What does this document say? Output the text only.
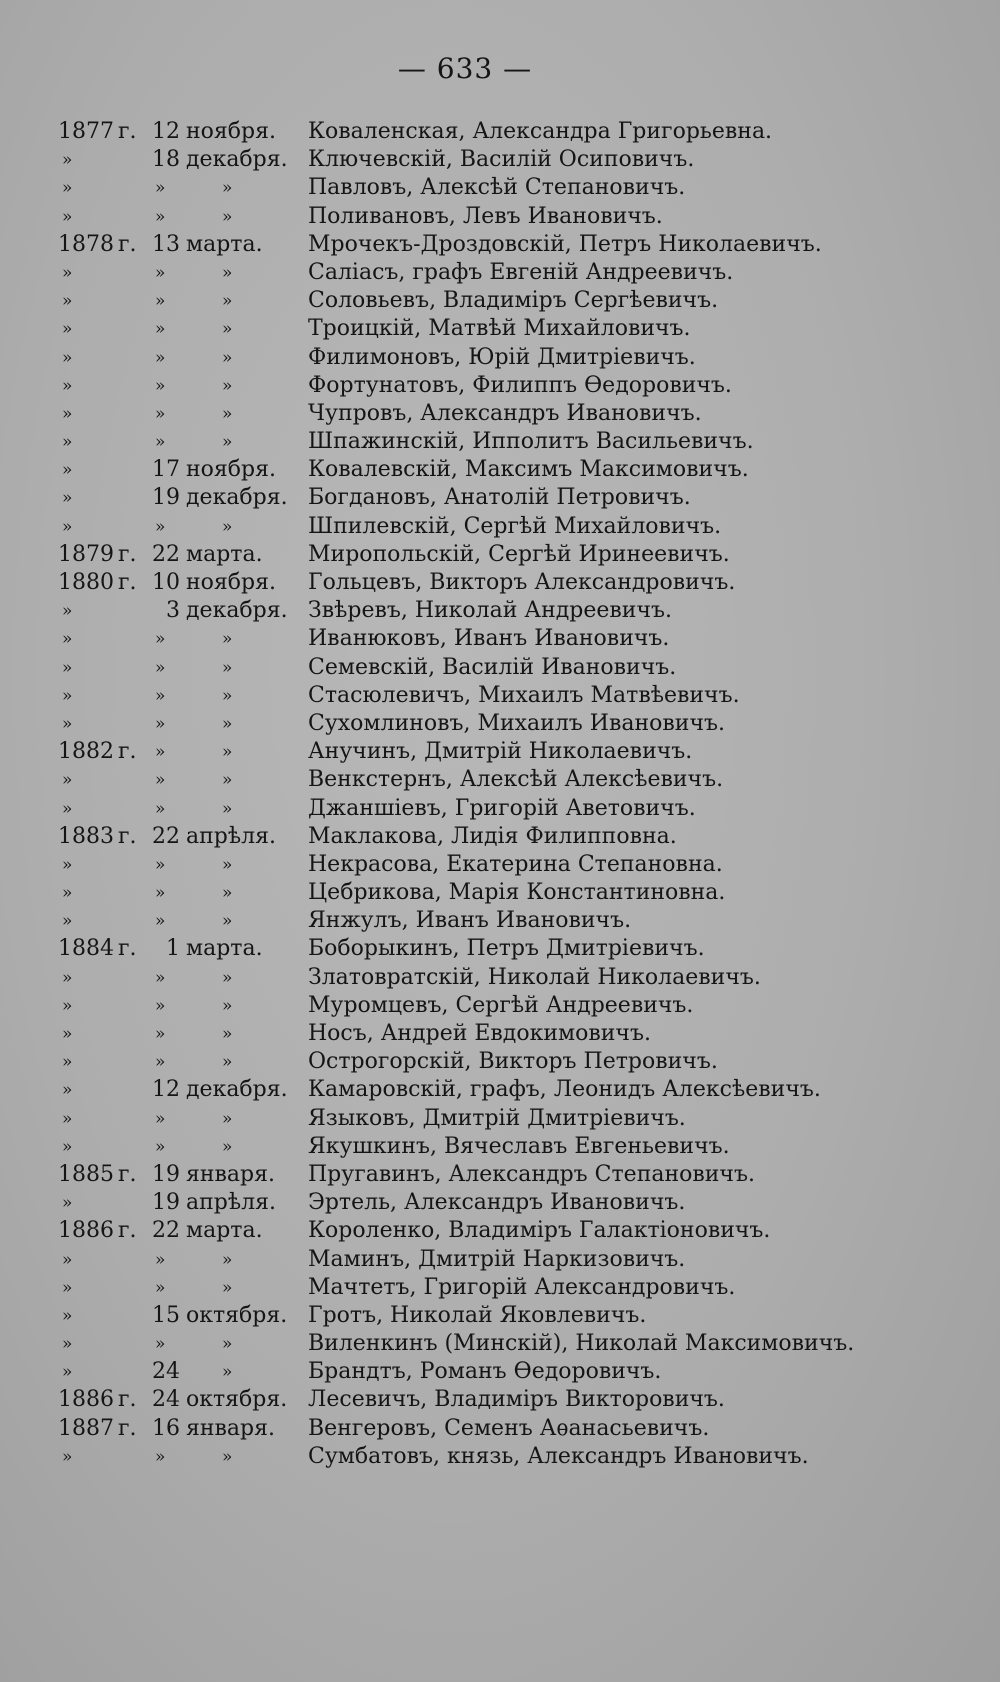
— 633 —
1877 г. 12 ноября. Коваленская, Александра Григорьевна.
»	18 декабря. Ключевскій, Василій Осиповичъ.
»	»	»	Павловъ, Алексѣй Степановичъ.
»	»	»	Поливановъ, Левъ Ивановичъ.
1878 г. 13 марта. Мрочекъ-Дроздовскій, Петръ Николаевичъ.
»	»	»	Саліасъ, графъ Евгеній Андреевичъ.
»	»	»	Соловьевъ, Владиміръ Сергѣевичъ.
»	»	»	Троицкій, Матвѣй Михайловичъ.
»	»	»	Филимоновъ, Юрій Дмитріевичъ.
»	»	»	Фортунатовъ, Филиппъ Ѳедоровичъ.
»	»	»	Чупровъ, Александръ Ивановичъ.
»	»	»	Шпажинскій, Ипполитъ Васильевичъ.
»	17 ноября. Ковалевскій, Максимъ Максимовичъ.
»	19 декабря. Богдановъ, Анатолій Петровичъ.
»	»	»	Шпилевскій, Сергѣй Михайловичъ.
1879 г. 22 марта. Миропольскій, Сергѣй Иринеевичъ.
1880 г. 10 ноября. Гольцевъ, Викторъ Александровичъ.
»	3 декабря. Звѣревъ, Николай Андреевичъ.
»	»	»	Иванюковъ, Иванъ Ивановичъ.
»	»	»	Семевскій, Василій Ивановичъ.
»	»	»	Стасюлевичъ, Михаилъ Матвѣевичъ.
»	»	»	Сухомлиновъ, Михаилъ Ивановичъ.
1882 г. »	»	Анучинъ, Дмитрій Николаевичъ.
»	»	»	Венкстернъ, Алексѣй Алексѣевичъ.
»	»	»	Джаншіевъ, Григорій Аветовичъ.
1883 г. 22 апрѣля. Маклакова, Лидія Филипповна.
»	»	»	Некрасова, Екатерина Степановна.
»	»	»	Цебрикова, Марія Константиновна.
»	»	»	Янжулъ, Иванъ Ивановичъ.
1884 г.	1 марта. Боборыкинъ, Петръ Дмитріевичъ.
»	»	»	Златовратскій, Николай Николаевичъ.
»	»	»	Муромцевъ, Сергѣй Андреевичъ.
»	»	»	Носъ, Андрей Евдокимовичъ.
»	»	»	Острогорскій, Викторъ Петровичъ.
»	12 декабря. Камаровскій, графъ, Леонидъ Алексѣевичъ.
»	»	»	Языковъ, Дмитрій Дмитріевичъ.
»	»	»	Якушкинъ, Вячеславъ Евгеньевичъ.
1885 г. 19 января. Пругавинъ, Александръ Степановичъ.
»	19 апрѣля. Эртель, Александръ Ивановичъ.
1886 г. 22 марта. Короленко, Владиміръ Галактіоновичъ.
»	»	»	Маминъ, Дмитрій Наркизовичъ.
»	»	»	Мачтетъ, Григорій Александровичъ.
»	15 октября. Гротъ, Николай Яковлевичъ.
»	»	»	Виленкинъ (Минскій), Николай Максимовичъ.
»	24 »	Брандтъ, Романъ Ѳедоровичъ.
1886 г. 24 октября. Лесевичъ, Владиміръ Викторовичъ.
1887 г. 16 января. Венгеровъ, Семенъ Аѳанасьевичъ.
»	»	»	Сумбатовъ, князь, Александръ Ивановичъ.
